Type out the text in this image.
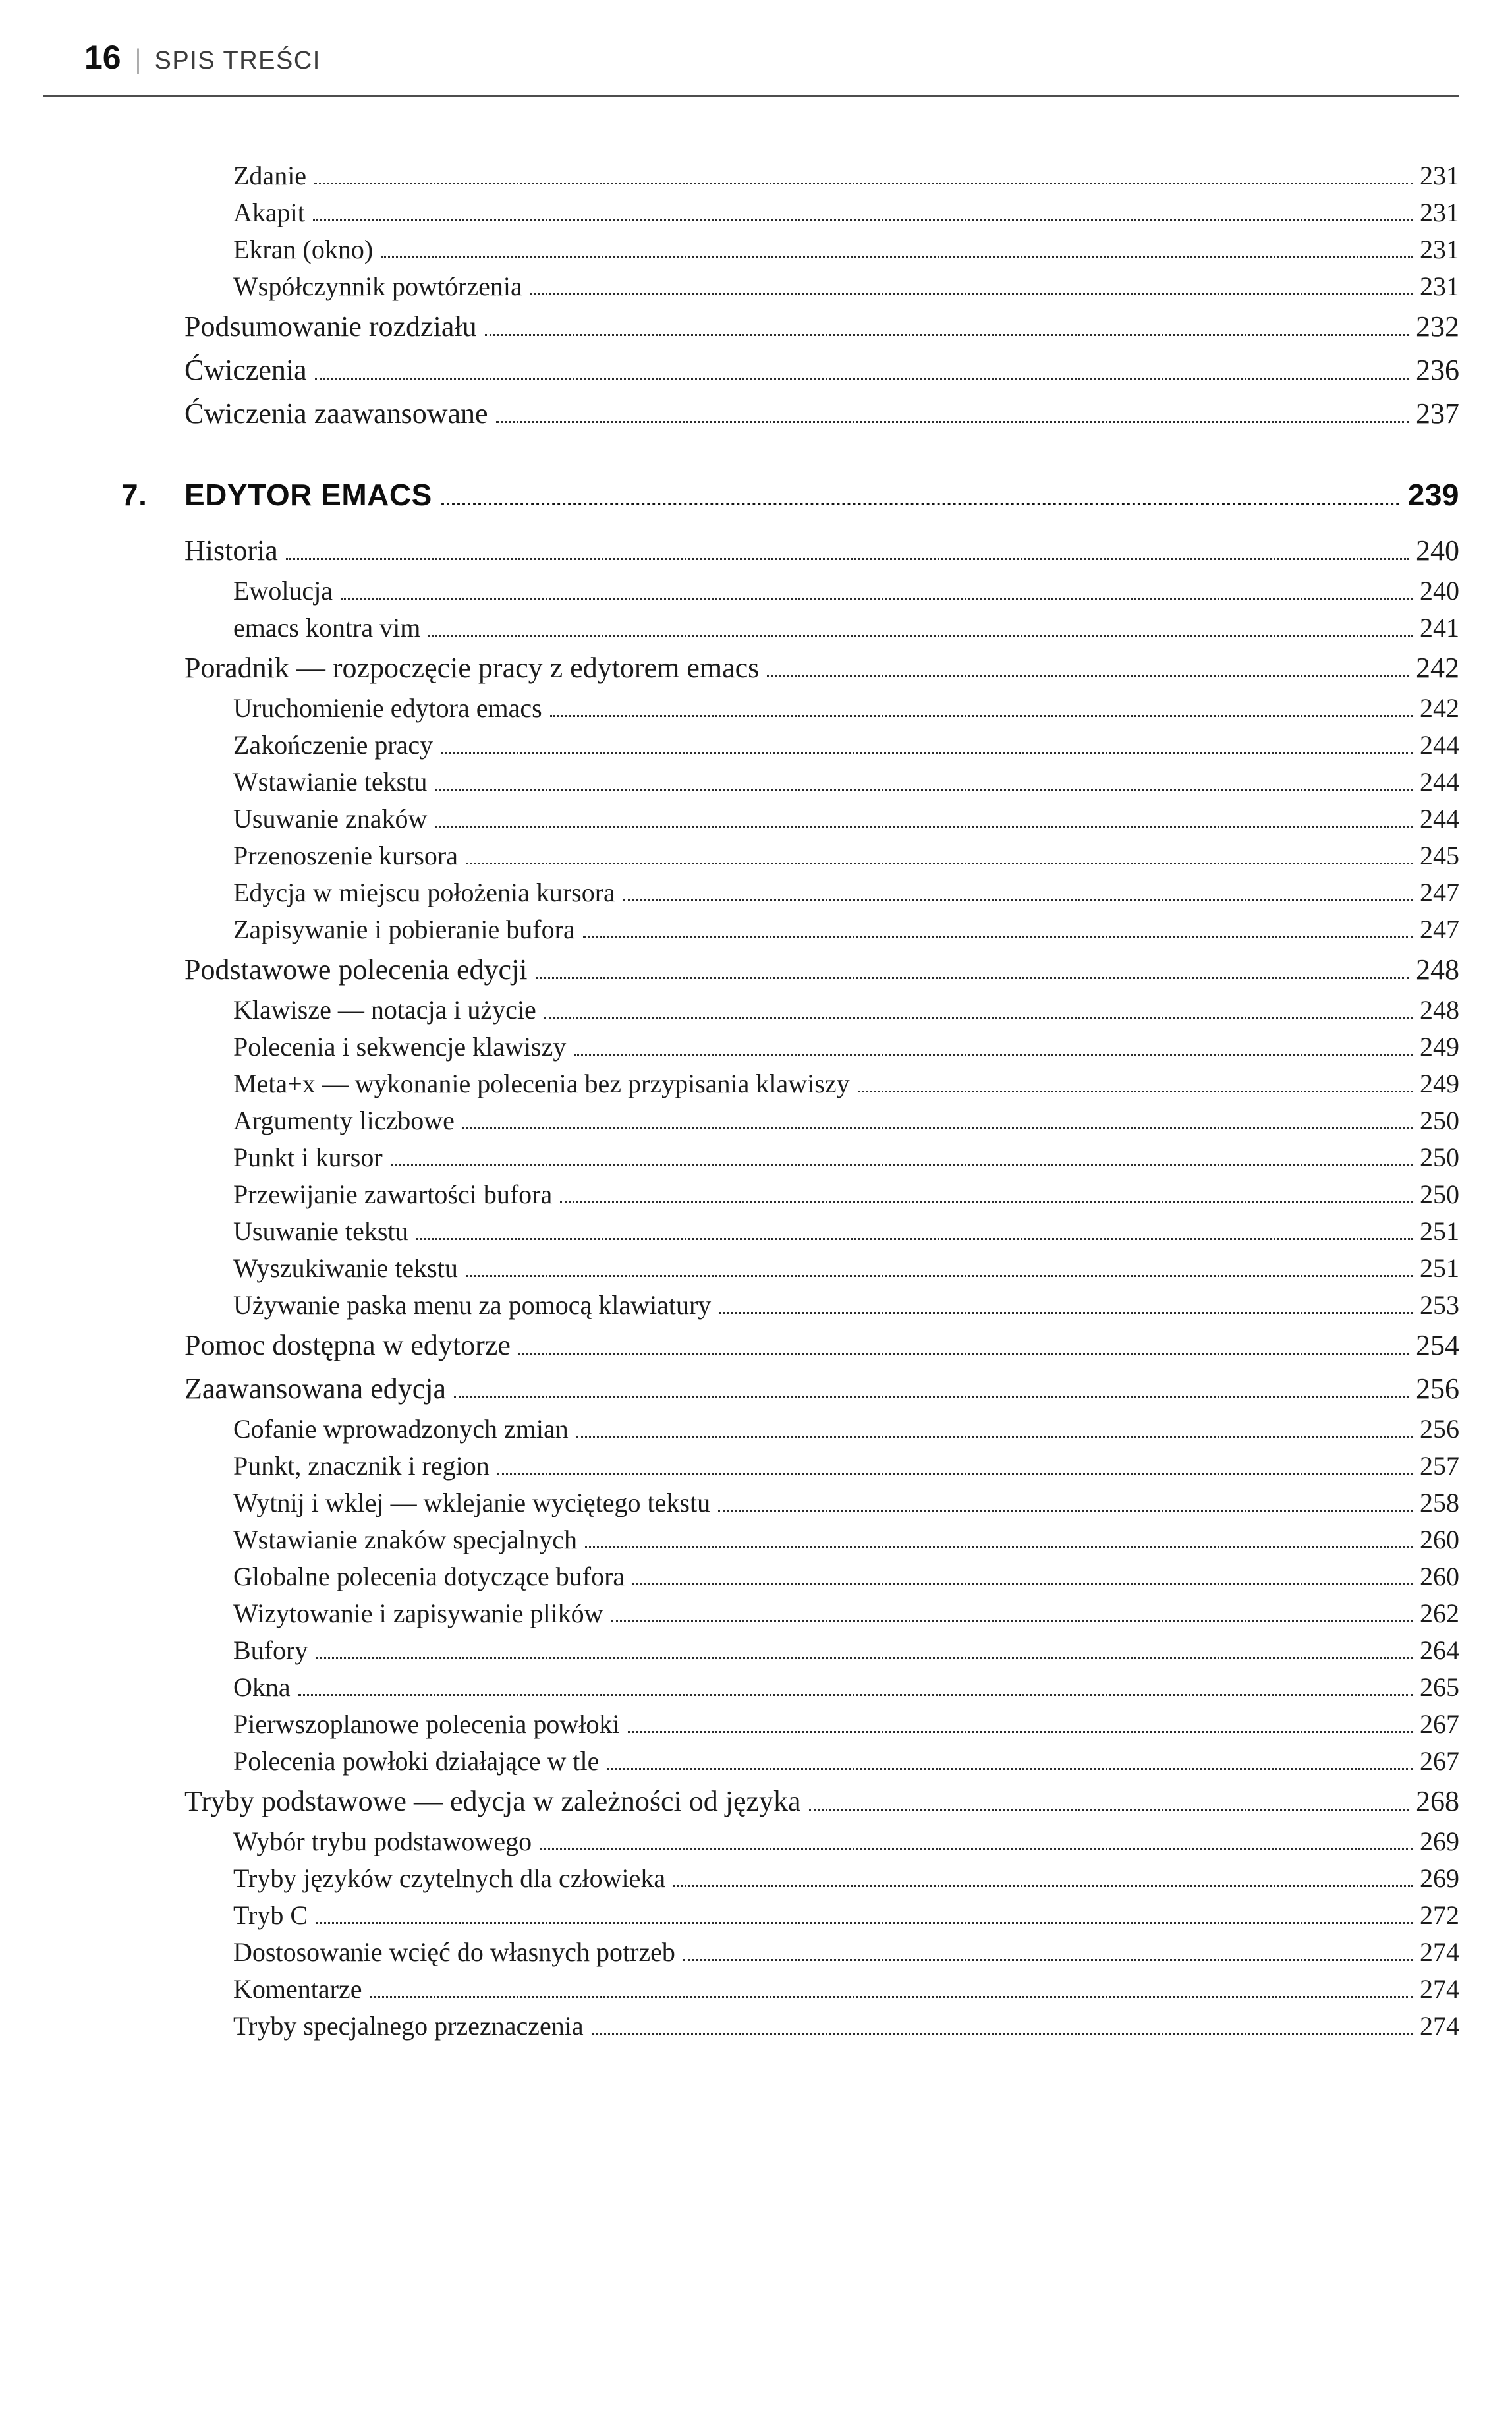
16 | SPIS TREŚCI
Zdanie	231
Akapit	231
Ekran (okno)	231
Współczynnik powtórzenia	231
Podsumowanie rozdziału	232
Ćwiczenia	236
Ćwiczenia zaawansowane	237
7. EDYTOR EMACS	239
Historia	240
Ewolucja	240
emacs kontra vim	241
Poradnik — rozpoczęcie pracy z edytorem emacs	242
Uruchomienie edytora emacs	242
Zakończenie pracy	244
Wstawianie tekstu	244
Usuwanie znaków	244
Przenoszenie kursora	245
Edycja w miejscu położenia kursora	247
Zapisywanie i pobieranie bufora	247
Podstawowe polecenia edycji	248
Klawisze — notacja i użycie	248
Polecenia i sekwencje klawiszy	249
Meta+x — wykonanie polecenia bez przypisania klawiszy	249
Argumenty liczbowe	250
Punkt i kursor	250
Przewijanie zawartości bufora	250
Usuwanie tekstu	251
Wyszukiwanie tekstu	251
Używanie paska menu za pomocą klawiatury	253
Pomoc dostępna w edytorze	254
Zaawansowana edycja	256
Cofanie wprowadzonych zmian	256
Punkt, znacznik i region	257
Wytnij i wklej — wklejanie wyciętego tekstu	258
Wstawianie znaków specjalnych	260
Globalne polecenia dotyczące bufora	260
Wizytowanie i zapisywanie plików	262
Bufory	264
Okna	265
Pierwszoplanowe polecenia powłoki	267
Polecenia powłoki działające w tle	267
Tryby podstawowe — edycja w zależności od języka	268
Wybór trybu podstawowego	269
Tryby języków czytelnych dla człowieka	269
Tryb C	272
Dostosowanie wcięć do własnych potrzeb	274
Komentarze	274
Tryby specjalnego przeznaczenia	274
